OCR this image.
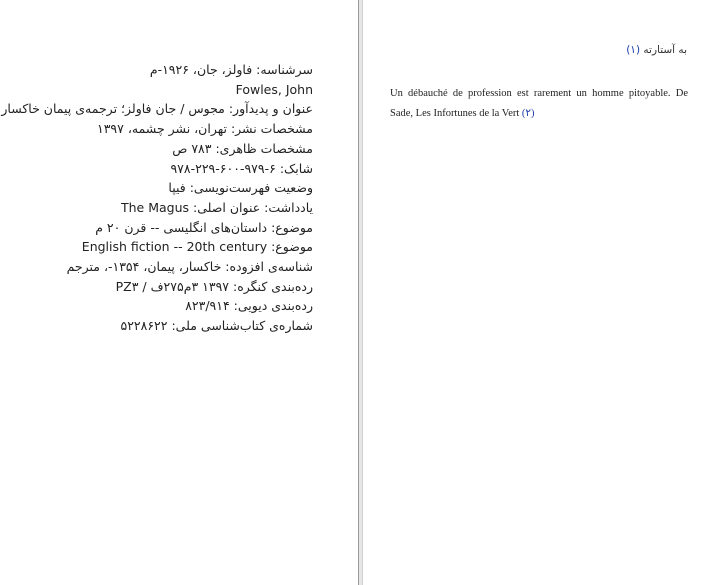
سرشناسه: فاولز، جان، ۱۹۲۶-م
Fowles, John
عنوان و پدیدآور: مجوس / جان فاولز؛ ترجمه‌ی پیمان خاکسار
مشخصات نشر: تهران، نشر چشمه، ۱۳۹۷
مشخصات ظاهری: ۷۸۳ ص
شابک: ۶-۹۷۹-۶۰۰-۲۲۹-۹۷۸
وضعیت فهرست‌نویسی: فیپا
یادداشت: عنوان اصلی: The Magus
موضوع: داستان‌های انگلیسی -- قرن ۲۰ م
موضوع: English fiction -- 20th century
شناسه‌ی افزوده: خاکسار، پیمان، ۱۳۵۴-، مترجم
رده‌بندی کنگره: ۱۳۹۷ ۳م۲۷۵ف / PZ۳
رده‌بندی دیویی: ۸۲۳/۹۱۴
شماره‌ی کتاب‌شناسی ملی: ۵۲۲۸۶۲۲
به آستارته (۱)
Un débauché de profession est rarement un homme pitoyable. De Sade, Les Infortunes de la Vert (۲)
